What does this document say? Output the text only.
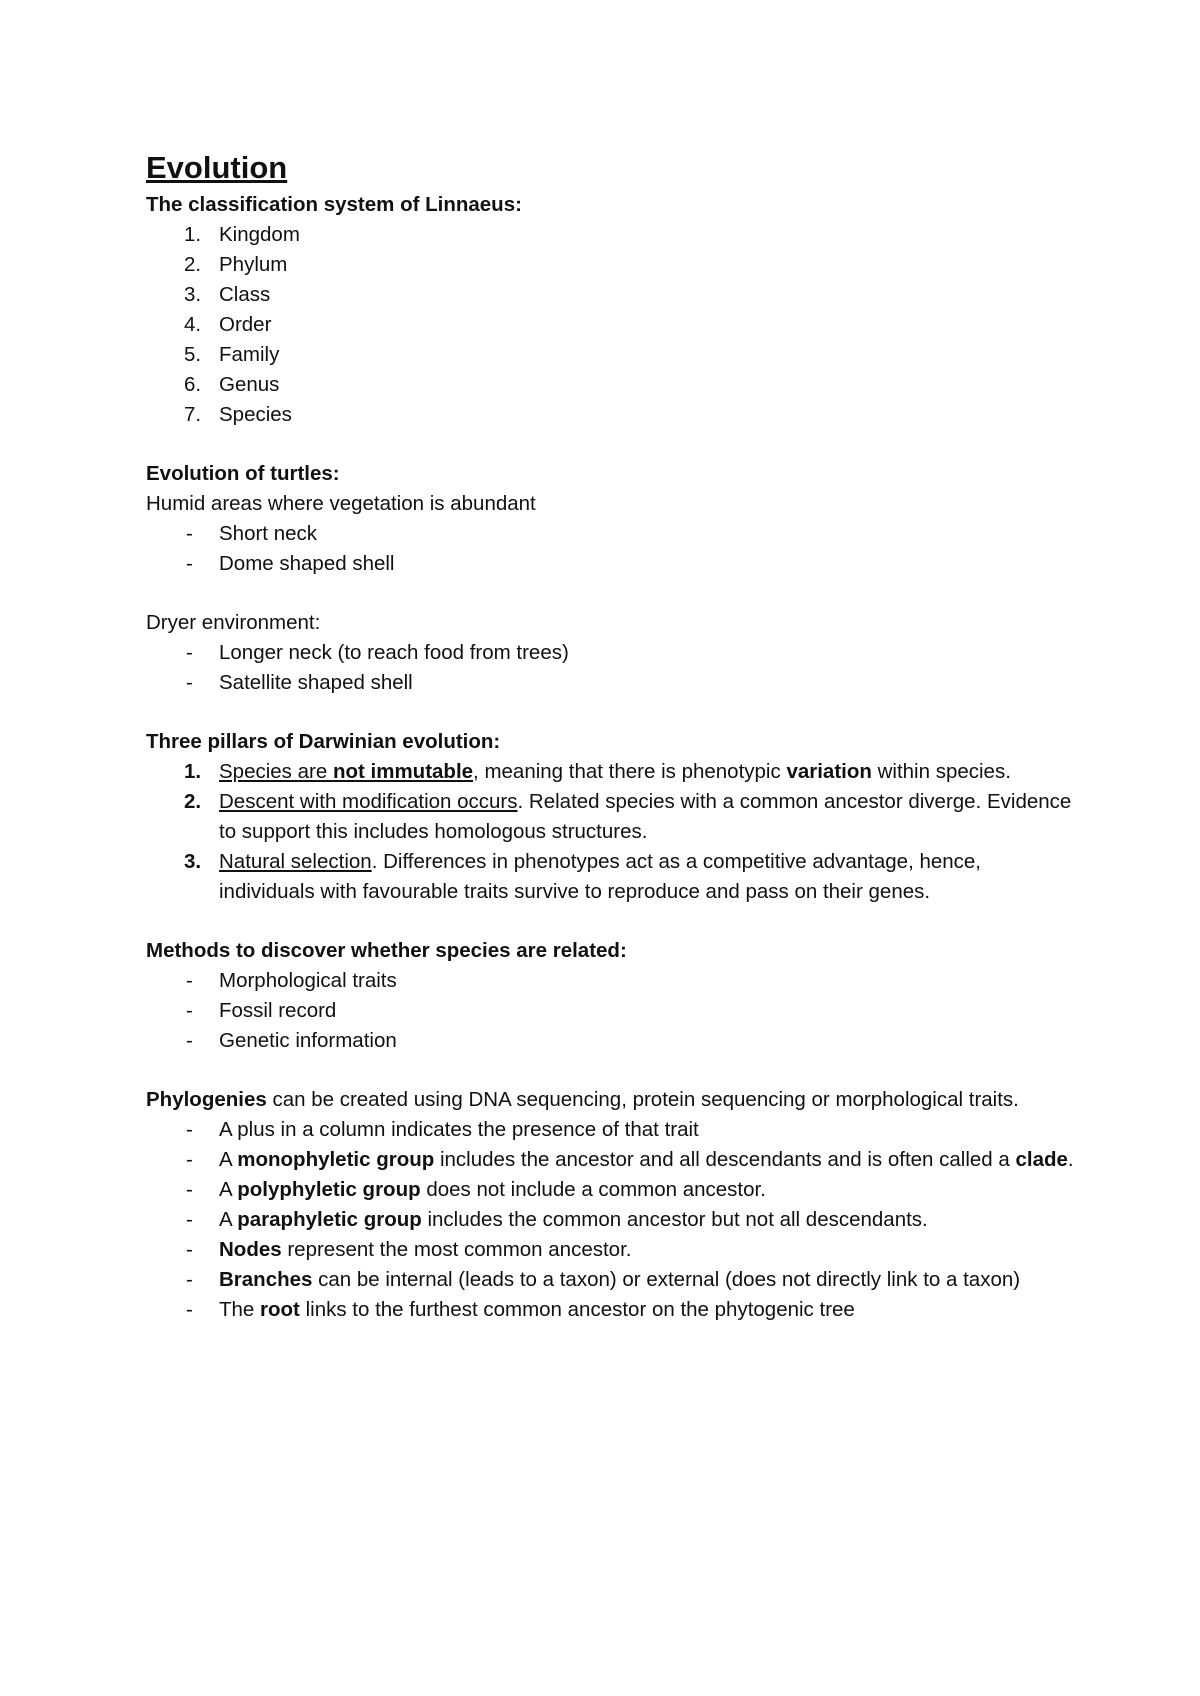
Evolution

The classification system of Linnaeus:

1. Kingdom
2. Phylum
3. Class
4. Order
5. Family
6. Genus
7. Species

Evolution of turtles:

Humid areas where vegetation is abundant

- Short neck
- Dome shaped shell

Dryer environment:

- Longer neck (to reach food from trees)
- Satellite shaped shell

Three pillars of Darwinian evolution:

1. Species are not immutable, meaning that there is phenotypic variation within species.
2. Descent with modification occurs. Related species with a common ancestor diverge. Evidence to support this includes homologous structures.
3. Natural selection. Differences in phenotypes act as a competitive advantage, hence, individuals with favourable traits survive to reproduce and pass on their genes.

Methods to discover whether species are related:

- Morphological traits
- Fossil record
- Genetic information

Phylogenies can be created using DNA sequencing, protein sequencing or morphological traits.

- A plus in a column indicates the presence of that trait
- A monophyletic group includes the ancestor and all descendants and is often called a clade.
- A polyphyletic group does not include a common ancestor.
- A paraphyletic group includes the common ancestor but not all descendants.
- Nodes represent the most common ancestor.
- Branches can be internal (leads to a taxon) or external (does not directly link to a taxon)
- The root links to the furthest common ancestor on the phytogenic tree
